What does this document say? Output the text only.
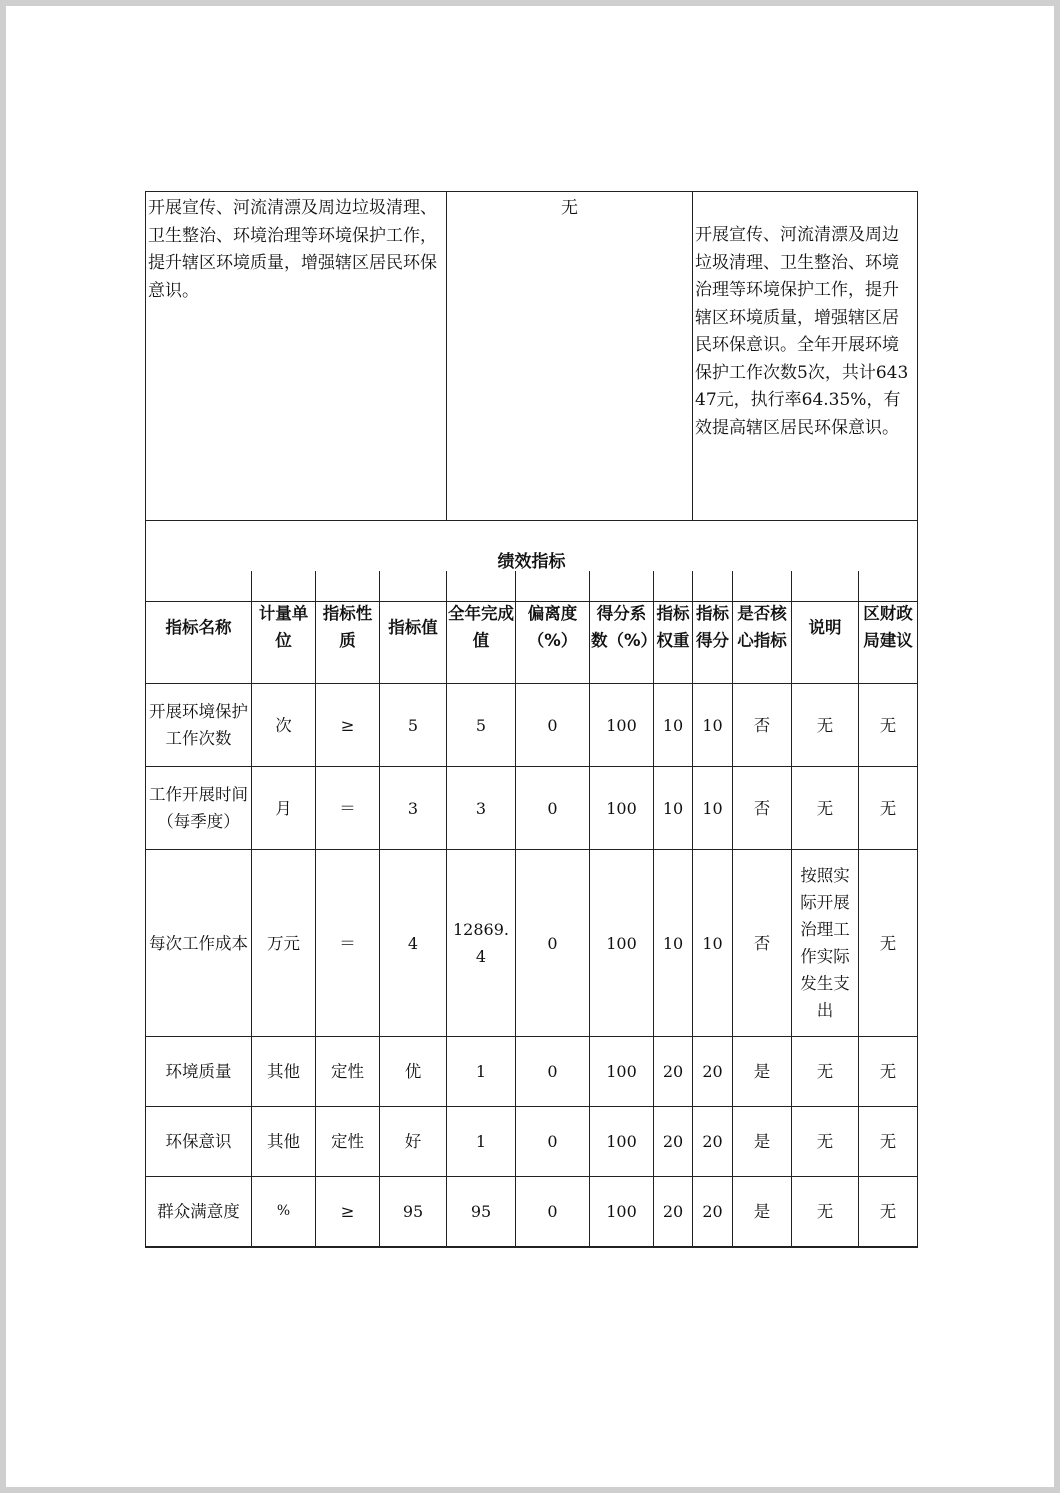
开展宣传、河流清漂及周边垃圾清理、卫生整治、环境治理等环境保护工作，提升辖区环境质量，增强辖区居民环保意识。	无	开展宣传、河流清漂及周边垃圾清理、卫生整治、环境治理等环境保护工作，提升辖区环境质量，增强辖区居民环保意识。全年开展环境保护工作次数5次，共计64347元，执行率64.35%，有效提高辖区居民环保意识。
绩效指标
指标名称	计量单位	指标性质	指标值	全年完成值	偏离度（%）	得分系数（%）	指标权重	指标得分	是否核心指标	说明	区财政局建议
开展环境保护工作次数	次	≥	5	5	0	100	10	10	否	无	无
工作开展时间（每季度）	月	＝	3	3	0	100	10	10	否	无	无
每次工作成本	万元	＝	4	12869.4	0	100	10	10	否	按照实际开展治理工作实际发生支出	无
环境质量	其他	定性	优	1	0	100	20	20	是	无	无
环保意识	其他	定性	好	1	0	100	20	20	是	无	无
群众满意度	%	≥	95	95	0	100	20	20	是	无	无
